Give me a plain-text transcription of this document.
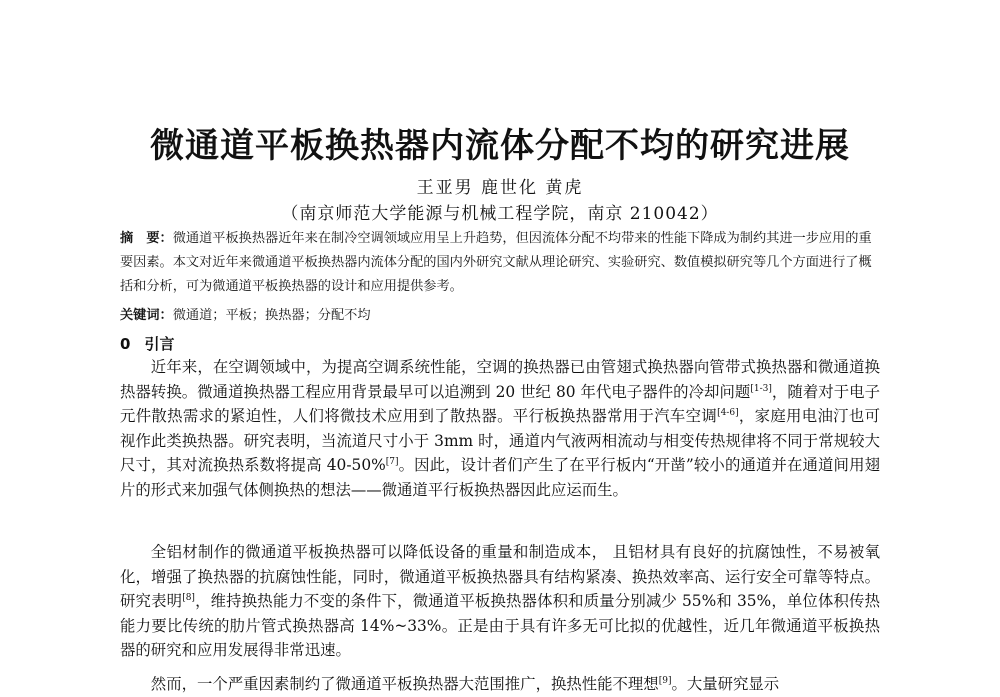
微通道平板换热器内流体分配不均的研究进展
王亚男 鹿世化 黄虎
（南京师范大学能源与机械工程学院，南京 210042）
摘　要：微通道平板换热器近年来在制冷空调领域应用呈上升趋势，但因流体分配不均带来的性能下降成为制约其进一步应用的重要因素。本文对近年来微通道平板换热器内流体分配的国内外研究文献从理论研究、实验研究、数值模拟研究等几个方面进行了概括和分析，可为微通道平板换热器的设计和应用提供参考。
关键词：微通道；平板；换热器；分配不均
0 引言
近年来，在空调领域中，为提高空调系统性能，空调的换热器已由管翅式换热器向管带式换热器和微通道换热器转换。微通道换热器工程应用背景最早可以追溯到 20 世纪 80 年代电子器件的冷却问题[1-3]，随着对于电子元件散热需求的紧迫性，人们将微技术应用到了散热器。平行板换热器常用于汽车空调[4-6]，家庭用电油汀也可视作此类换热器。研究表明，当流道尺寸小于 3mm 时，通道内气液两相流动与相变传热规律将不同于常规较大尺寸，其对流换热系数将提高 40-50%[7]。因此，设计者们产生了在平行板内“开凿”较小的通道并在通道间用翅片的形式来加强气体侧换热的想法——微通道平行板换热器因此应运而生。
全铝材制作的微通道平板换热器可以降低设备的重量和制造成本， 且铝材具有良好的抗腐蚀性，不易被氧化，增强了换热器的抗腐蚀性能，同时，微通道平板换热器具有结构紧凑、换热效率高、运行安全可靠等特点。研究表明[8]，维持换热能力不变的条件下，微通道平板换热器体积和质量分别减少 55%和 35%，单位体积传热能力要比传统的肋片管式换热器高 14%~33%。正是由于具有许多无可比拟的优越性，近几年微通道平板换热器的研究和应用发展得非常迅速。
然而，一个严重因素制约了微通道平板换热器大范围推广，换热性能不理想[9]。大量研究显示
